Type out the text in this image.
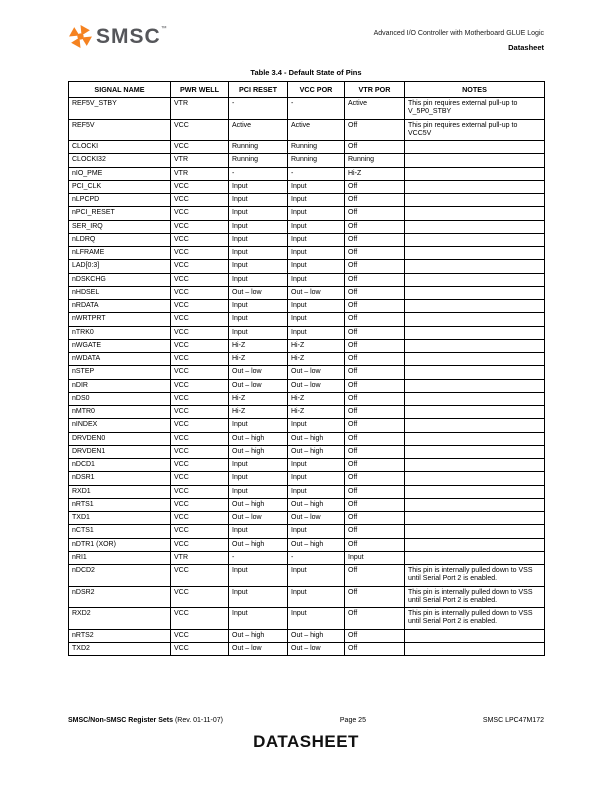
SMSC ™
Advanced I/O Controller with Motherboard GLUE Logic
Datasheet
Table 3.4 - Default State of Pins
SIGNAL NAME	PWR WELL	PCI RESET	VCC POR	VTR POR	NOTES
REF5V_STBY	VTR	-	-	Active	This pin requires external pull-up to V_5P0_STBY
REF5V	VCC	Active	Active	Off	This pin requires external pull-up to VCC5V
CLOCKI	VCC	Running	Running	Off	
CLOCKI32	VTR	Running	Running	Running	
nIO_PME	VTR	-	-	Hi-Z	
PCI_CLK	VCC	Input	Input	Off	
nLPCPD	VCC	Input	Input	Off	
nPCI_RESET	VCC	Input	Input	Off	
SER_IRQ	VCC	Input	Input	Off	
nLDRQ	VCC	Input	Input	Off	
nLFRAME	VCC	Input	Input	Off	
LAD[0:3]	VCC	Input	Input	Off	
nDSKCHG	VCC	Input	Input	Off	
nHDSEL	VCC	Out – low	Out – low	Off	
nRDATA	VCC	Input	Input	Off	
nWRTPRT	VCC	Input	Input	Off	
nTRK0	VCC	Input	Input	Off	
nWGATE	VCC	Hi-Z	Hi-Z	Off	
nWDATA	VCC	Hi-Z	Hi-Z	Off	
nSTEP	VCC	Out – low	Out – low	Off	
nDIR	VCC	Out – low	Out – low	Off	
nDS0	VCC	Hi-Z	Hi-Z	Off	
nMTR0	VCC	Hi-Z	Hi-Z	Off	
nINDEX	VCC	Input	Input	Off	
DRVDEN0	VCC	Out – high	Out – high	Off	
DRVDEN1	VCC	Out – high	Out – high	Off	
nDCD1	VCC	Input	Input	Off	
nDSR1	VCC	Input	Input	Off	
RXD1	VCC	Input	Input	Off	
nRTS1	VCC	Out – high	Out – high	Off	
TXD1	VCC	Out – low	Out – low	Off	
nCTS1	VCC	Input	Input	Off	
nDTR1 (XOR)	VCC	Out – high	Out – high	Off	
nRI1	VTR	-	-	Input	
nDCD2	VCC	Input	Input	Off	This pin is internally pulled down to VSS until Serial Port 2 is enabled.
nDSR2	VCC	Input	Input	Off	This pin is internally pulled down to VSS until Serial Port 2 is enabled.
RXD2	VCC	Input	Input	Off	This pin is internally pulled down to VSS until Serial Port 2 is enabled.
nRTS2	VCC	Out – high	Out – high	Off	
TXD2	VCC	Out – low	Out – low	Off	
SMSC/Non-SMSC Register Sets (Rev. 01-11-07)	Page 25	SMSC LPC47M172
DATASHEET
